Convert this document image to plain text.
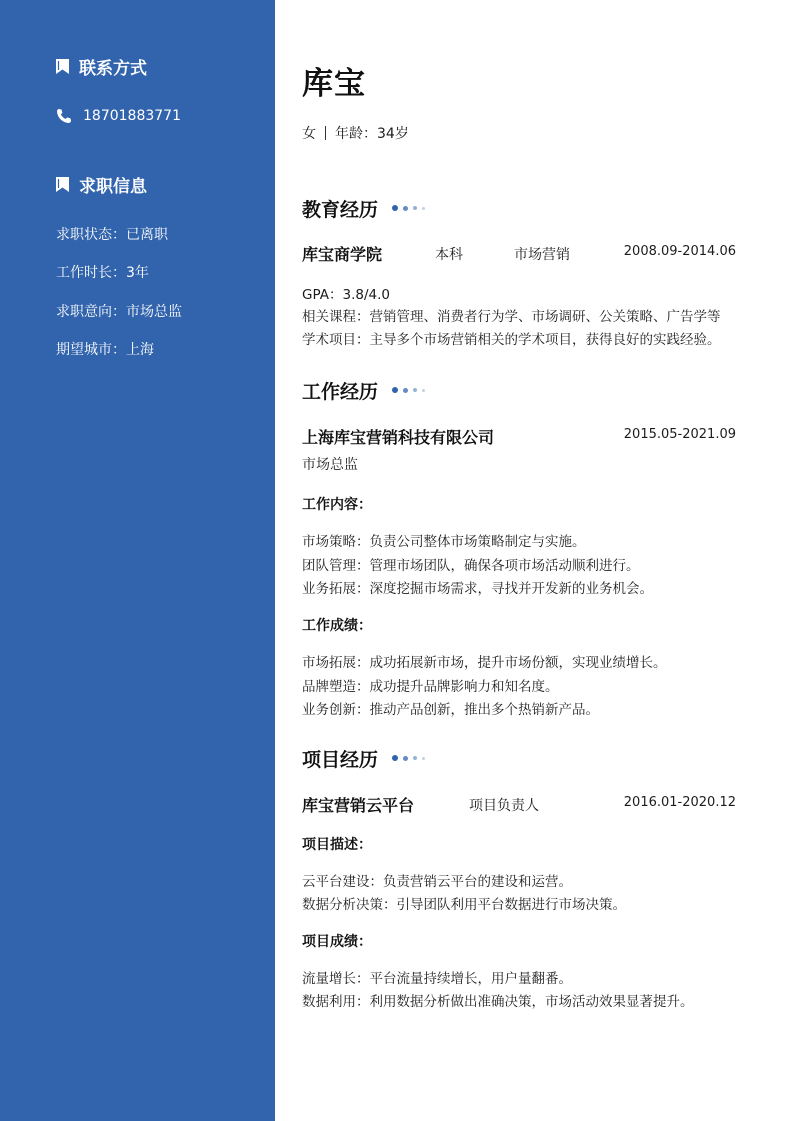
联系方式
18701883771
求职信息
求职状态： 已离职
工作时长： 3年
求职意向： 市场总监
期望城市： 上海
库宝
女 年龄：34岁
教育经历
库宝商学院	本科	市场营销	2008.09-2014.06
GPA：3.8/4.0
相关课程：营销管理、消费者行为学、市场调研、公关策略、广告学等
学术项目：主导多个市场营销相关的学术项目，获得良好的实践经验。
工作经历
上海库宝营销科技有限公司	2015.05-2021.09
市场总监
工作内容：
市场策略：负责公司整体市场策略制定与实施。
团队管理：管理市场团队，确保各项市场活动顺利进行。
业务拓展：深度挖掘市场需求，寻找并开发新的业务机会。
工作成绩：
市场拓展：成功拓展新市场，提升市场份额，实现业绩增长。
品牌塑造：成功提升品牌影响力和知名度。
业务创新：推动产品创新，推出多个热销新产品。
项目经历
库宝营销云平台	项目负责人	2016.01-2020.12
项目描述：
云平台建设：负责营销云平台的建设和运营。
数据分析决策：引导团队利用平台数据进行市场决策。
项目成绩：
流量增长：平台流量持续增长，用户量翻番。
数据利用：利用数据分析做出准确决策，市场活动效果显著提升。
